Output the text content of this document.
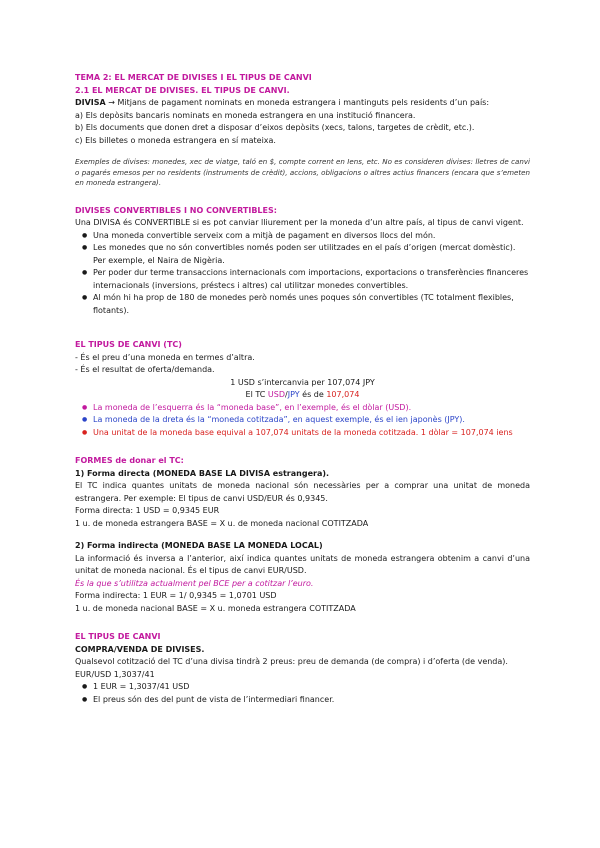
TEMA 2: EL MERCAT DE DIVISES I EL TIPUS DE CANVI

2.1 EL MERCAT DE DIVISES. EL TIPUS DE CANVI.

DIVISA → Mitjans de pagament nominats en moneda estrangera i mantinguts pels residents d’un país:

a) Els depòsits bancaris nominats en moneda estrangera en una institució financera.

b) Els documents que donen dret a disposar d’eixos depòsits (xecs, talons, targetes de crèdit, etc.).

c) Els billetes o moneda estrangera en sí mateixa.

Exemples de divises: monedes, xec de viatge, taló en $, compte corrent en Iens, etc. No es consideren divises: lletres de canvi o pagarés emesos per no residents (instruments de crèdit), accions, obligacions o altres actius financers (encara que s’emeten en moneda estrangera).

DIVISES CONVERTIBLES I NO CONVERTIBLES:

Una DIVISA és CONVERTIBLE si es pot canviar lliurement per la moneda d’un altre país, al tipus de canvi vigent.

● Una moneda convertible serveix com a mitjà de pagament en diversos llocs del món.
● Les monedes que no són convertibles només poden ser utilitzades en el país d’origen (mercat domèstic). Per exemple, el Naira de Nigèria.
● Per poder dur terme transaccions internacionals com importacions, exportacions o transferències financeres internacionals (inversions, préstecs i altres) cal utilitzar monedes convertibles.
● Al món hi ha prop de 180 de monedes però només unes poques són convertibles (TC totalment flexibles, flotants).

EL TIPUS DE CANVI (TC)

- És el preu d’una moneda en termes d’altra.

- És el resultat de oferta/demanda.

1 USD s’intercanvia per 107,074 JPY

El TC USD/JPY és de 107,074

● La moneda de l’esquerra és la “moneda base”, en l’exemple, és el dòlar (USD).
● La moneda de la dreta és la “moneda cotitzada”, en aquest exemple, és el ien japonès (JPY).
● Una unitat de la moneda base equival a 107,074 unitats de la moneda cotitzada. 1 dòlar = 107,074 iens

FORMES de donar el TC:

1) Forma directa (MONEDA BASE LA DIVISA estrangera).

El TC indica quantes unitats de moneda nacional són necessàries per a comprar una unitat de moneda estrangera. Per exemple: El tipus de canvi USD/EUR és 0,9345.

Forma directa: 1 USD = 0,9345 EUR

1 u. de moneda estrangera BASE = X u. de moneda nacional COTITZADA

2) Forma indirecta (MONEDA BASE LA MONEDA LOCAL)

La informació és inversa a l’anterior, així indica quantes unitats de moneda estrangera obtenim a canvi d’una unitat de moneda nacional. És el tipus de canvi EUR/USD.

És la que s’utilitza actualment pel BCE per a cotitzar l’euro.

Forma indirecta: 1 EUR = 1/ 0,9345 = 1,0701 USD

1 u. de moneda nacional BASE = X u. moneda estrangera COTITZADA

EL TIPUS DE CANVI

COMPRA/VENDA DE DIVISES.

Qualsevol cotització del TC d’una divisa tindrà 2 preus: preu de demanda (de compra) i d’oferta (de venda).

EUR/USD 1,3037/41

● 1 EUR = 1,3037/41 USD
● El preus són des del punt de vista de l’intermediari financer.
